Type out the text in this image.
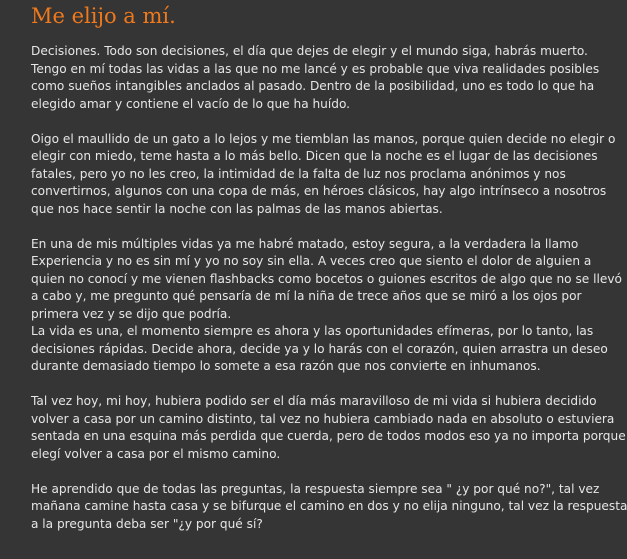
Me elijo a mí.

Decisiones. Todo son decisiones, el día que dejes de elegir y el mundo siga, habrás muerto.
Tengo en mí todas las vidas a las que no me lancé y es probable que viva realidades posibles
como sueños intangibles anclados al pasado. Dentro de la posibilidad, uno es todo lo que ha
elegido amar y contiene el vacío de lo que ha huído.

Oigo el maullido de un gato a lo lejos y me tiemblan las manos, porque quien decide no elegir o
elegir con miedo, teme hasta a lo más bello. Dicen que la noche es el lugar de las decisiones
fatales, pero yo no les creo, la intimidad de la falta de luz nos proclama anónimos y nos
convertirnos, algunos con una copa de más, en héroes clásicos, hay algo intrínseco a nosotros
que nos hace sentir la noche con las palmas de las manos abiertas.

En una de mis múltiples vidas ya me habré matado, estoy segura, a la verdadera la llamo
Experiencia y no es sin mí y yo no soy sin ella. A veces creo que siento el dolor de alguien a
quien no conocí y me vienen flashbacks como bocetos o guiones escritos de algo que no se llevó
a cabo y, me pregunto qué pensaría de mí la niña de trece años que se miró a los ojos por
primera vez y se dijo que podría.

La vida es una, el momento siempre es ahora y las oportunidades efímeras, por lo tanto, las
decisiones rápidas. Decide ahora, decide ya y lo harás con el corazón, quien arrastra un deseo
durante demasiado tiempo lo somete a esa razón que nos convierte en inhumanos.

Tal vez hoy, mi hoy, hubiera podido ser el día más maravilloso de mi vida si hubiera decidido
volver a casa por un camino distinto, tal vez no hubiera cambiado nada en absoluto o estuviera
sentada en una esquina más perdida que cuerda, pero de todos modos eso ya no importa porque
elegí volver a casa por el mismo camino.

He aprendido que de todas las preguntas, la respuesta siempre sea " ¿y por qué no?", tal vez
mañana camine hasta casa y se bifurque el camino en dos y no elija ninguno, tal vez la respuesta
a la pregunta deba ser "¿y por qué sí?
